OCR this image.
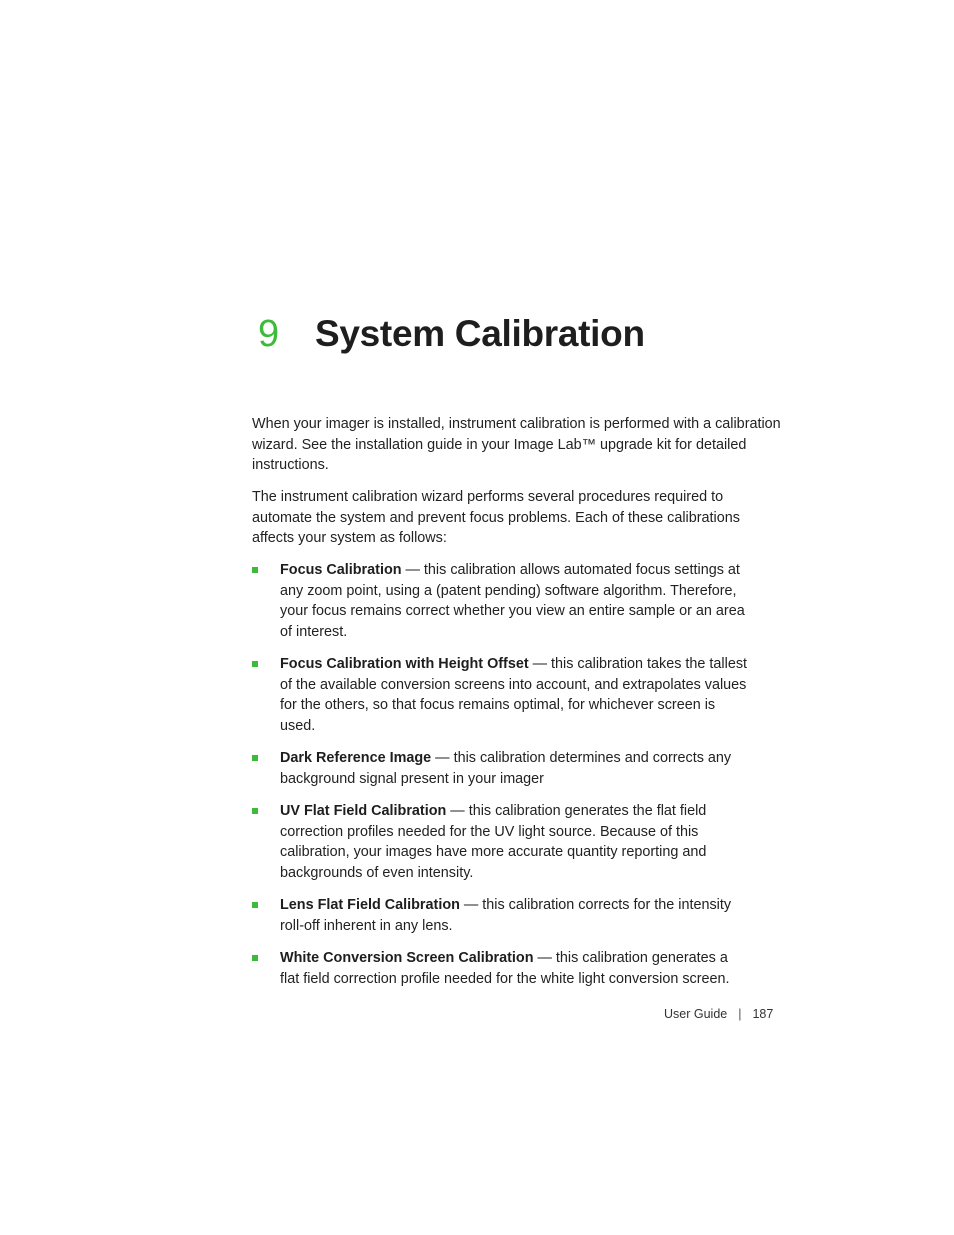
9 System Calibration

When your imager is installed, instrument calibration is performed with a calibration wizard. See the installation guide in your Image Lab™ upgrade kit for detailed instructions.

The instrument calibration wizard performs several procedures required to automate the system and prevent focus problems. Each of these calibrations affects your system as follows:

Focus Calibration — this calibration allows automated focus settings at any zoom point, using a (patent pending) software algorithm. Therefore, your focus remains correct whether you view an entire sample or an area of interest.
Focus Calibration with Height Offset — this calibration takes the tallest of the available conversion screens into account, and extrapolates values for the others, so that focus remains optimal, for whichever screen is used.
Dark Reference Image — this calibration determines and corrects any background signal present in your imager
UV Flat Field Calibration — this calibration generates the flat field correction profiles needed for the UV light source. Because of this calibration, your images have more accurate quantity reporting and backgrounds of even intensity.
Lens Flat Field Calibration — this calibration corrects for the intensity roll-off inherent in any lens.
White Conversion Screen Calibration — this calibration generates a flat field correction profile needed for the white light conversion screen.
User Guide | 187
